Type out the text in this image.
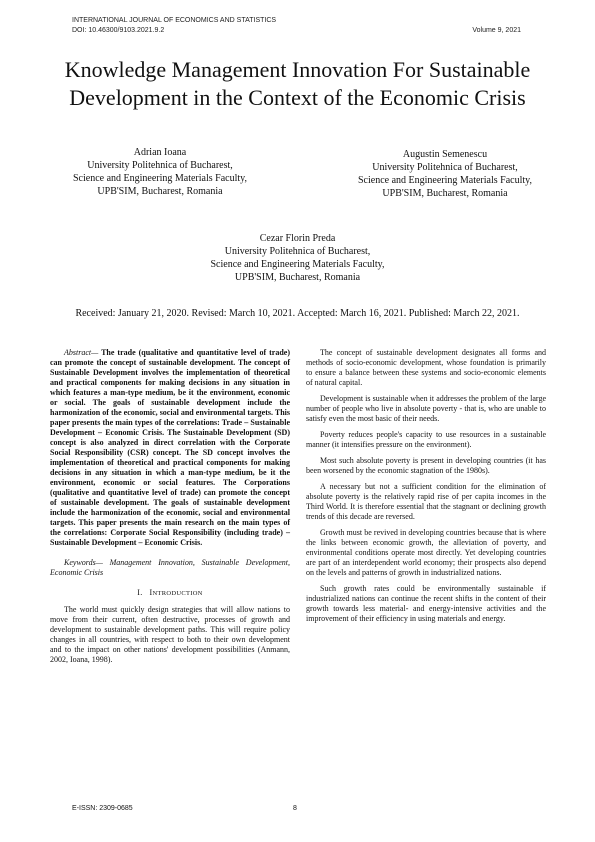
INTERNATIONAL JOURNAL OF ECONOMICS AND STATISTICS
DOI: 10.46300/9103.2021.9.2	Volume 9, 2021
Knowledge Management Innovation For Sustainable
Development in the Context of the Economic Crisis
Adrian Ioana
University Politehnica of Bucharest,
Science and Engineering Materials Faculty,
UPB'SIM, Bucharest, Romania
Augustin Semenescu
University Politehnica of Bucharest,
Science and Engineering Materials Faculty,
UPB'SIM, Bucharest, Romania
Cezar Florin Preda
University Politehnica of Bucharest,
Science and Engineering Materials Faculty,
UPB'SIM, Bucharest, Romania
Received: January 21, 2020. Revised: March 10, 2021. Accepted: March 16, 2021. Published: March 22, 2021.

Abstract— The trade (qualitative and quantitative level of trade) can promote the concept of sustainable development. The concept of Sustainable Development involves the implementation of theoretical and practical components for making decisions in any situation in which features a man-type medium, be it the environment, economic or social. The goals of sustainable development include the harmonization of the economic, social and environmental targets. This paper presents the main types of the correlations: Trade – Sustainable Development – Economic Crisis. The Sustainable Development (SD) concept is also analyzed in direct correlation with the Corporate Social Responsibility (CSR) concept. The SD concept involves the implementation of theoretical and practical components for making decisions in any situation in which a man-type medium, be it the environment, economic or social features. The Corporations (qualitative and quantitative level of trade) can promote the concept of sustainable development. The goals of sustainable development include the harmonization of the economic, social and environmental targets. This paper presents the main research on the main types of the correlations: Corporate Social Responsibility (including trade) – Sustainable Development – Economic Crisis.

Keywords— Management Innovation, Sustainable Development, Economic Crisis

I. INTRODUCTION

The world must quickly design strategies that will allow nations to move from their current, often destructive, processes of growth and development to sustainable development paths. This will require policy changes in all countries, with respect to both to their own development and to the impact on other nations' development possibilities (Anmann, 2002, Ioana, 1998).

The concept of sustainable development designates all forms and methods of socio-economic development, whose foundation is primarily to ensure a balance between these systems and socio-economic elements of natural capital.

Development is sustainable when it addresses the problem of the large number of people who live in absolute poverty - that is, who are unable to satisfy even the most basic of their needs.

Poverty reduces people's capacity to use resources in a sustainable manner (it intensifies pressure on the environment).

Most such absolute poverty is present in developing countries (it has been worsened by the economic stagnation of the 1980s).

A necessary but not a sufficient condition for the elimination of absolute poverty is the relatively rapid rise of per capita incomes in the Third World. It is therefore essential that the stagnant or declining growth trends of this decade are reversed.

Growth must be revived in developing countries because that is where the links between economic growth, the alleviation of poverty, and environmental conditions operate most directly. Yet developing countries are part of an interdependent world economy; their prospects also depend on the levels and patterns of growth in industrialized nations.

Such growth rates could be environmentally sustainable if industrialized nations can continue the recent shifts in the content of their growth towards less material- and energy-intensive activities and the improvement of their efficiency in using materials and energy.

E-ISSN: 2309-0685	8
